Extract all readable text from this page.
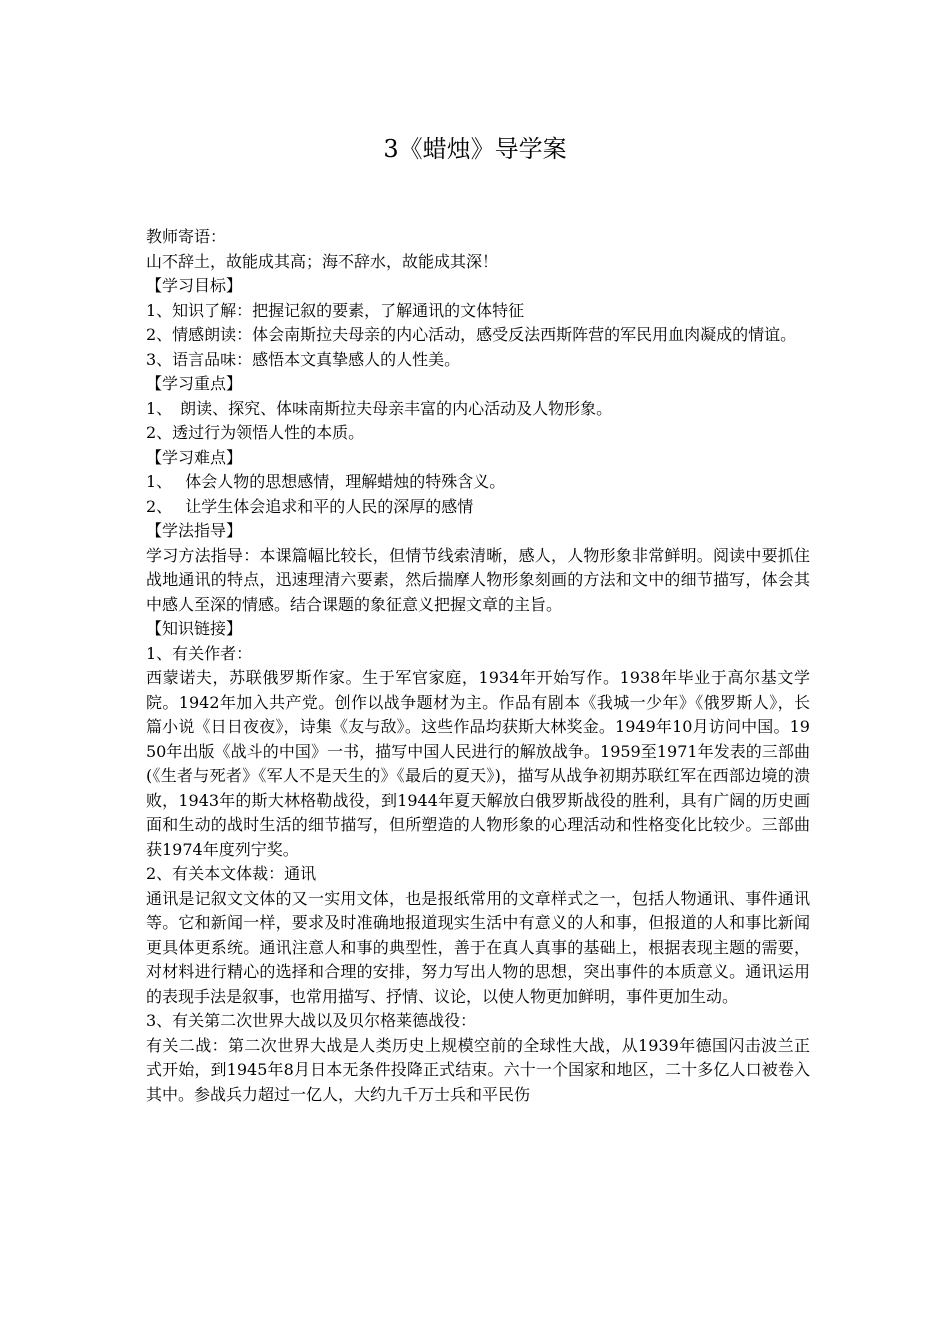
3《蜡烛》导学案

教师寄语：

山不辞土，故能成其高；海不辞水，故能成其深！

【学习目标】

1、知识了解：把握记叙的要素，了解通讯的文体特征

2、情感朗读：体会南斯拉夫母亲的内心活动，感受反法西斯阵营的军民用血肉凝成的情谊。

3、语言品味：感悟本文真挚感人的人性美。

【学习重点】

1、　朗读、探究、体味南斯拉夫母亲丰富的内心活动及人物形象。

2、透过行为领悟人性的本质。

【学习难点】

1、　 体会人物的思想感情，理解蜡烛的特殊含义。

2、　 让学生体会追求和平的人民的深厚的感情

【学法指导】

学习方法指导：本课篇幅比较长，但情节线索清晰，感人，人物形象非常鲜明。阅读中要抓住战地通讯的特点，迅速理清六要素，然后揣摩人物形象刻画的方法和文中的细节描写，体会其中感人至深的情感。结合课题的象征意义把握文章的主旨。

【知识链接】

1、有关作者：

西蒙诺夫，苏联俄罗斯作家。生于军官家庭，1934年开始写作。1938年毕业于高尔基文学院。1942年加入共产党。创作以战争题材为主。作品有剧本《我城一少年》《俄罗斯人》，长篇小说《日日夜夜》，诗集《友与敌》。这些作品均获斯大林奖金。1949年10月访问中国。1950年出版《战斗的中国》一书，描写中国人民进行的解放战争。1959至1971年发表的三部曲(《生者与死者》《军人不是天生的》《最后的夏天》)，描写从战争初期苏联红军在西部边境的溃败，1943年的斯大林格勒战役，到1944年夏天解放白俄罗斯战役的胜利，具有广阔的历史画面和生动的战时生活的细节描写，但所塑造的人物形象的心理活动和性格变化比较少。三部曲获1974年度列宁奖。

2、有关本文体裁：通讯

通讯是记叙文文体的又一实用文体，也是报纸常用的文章样式之一，包括人物通讯、事件通讯等。它和新闻一样，要求及时准确地报道现实生活中有意义的人和事，但报道的人和事比新闻更具体更系统。通讯注意人和事的典型性，善于在真人真事的基础上，根据表现主题的需要，对材料进行精心的选择和合理的安排，努力写出人物的思想，突出事件的本质意义。通讯运用的表现手法是叙事，也常用描写、抒情、议论，以使人物更加鲜明，事件更加生动。

3、有关第二次世界大战以及贝尔格莱德战役：

有关二战：第二次世界大战是人类历史上规模空前的全球性大战，从1939年德国闪击波兰正式开始，到1945年8月日本无条件投降正式结束。六十一个国家和地区，二十多亿人口被卷入其中。参战兵力超过一亿人，大约九千万士兵和平民伤
